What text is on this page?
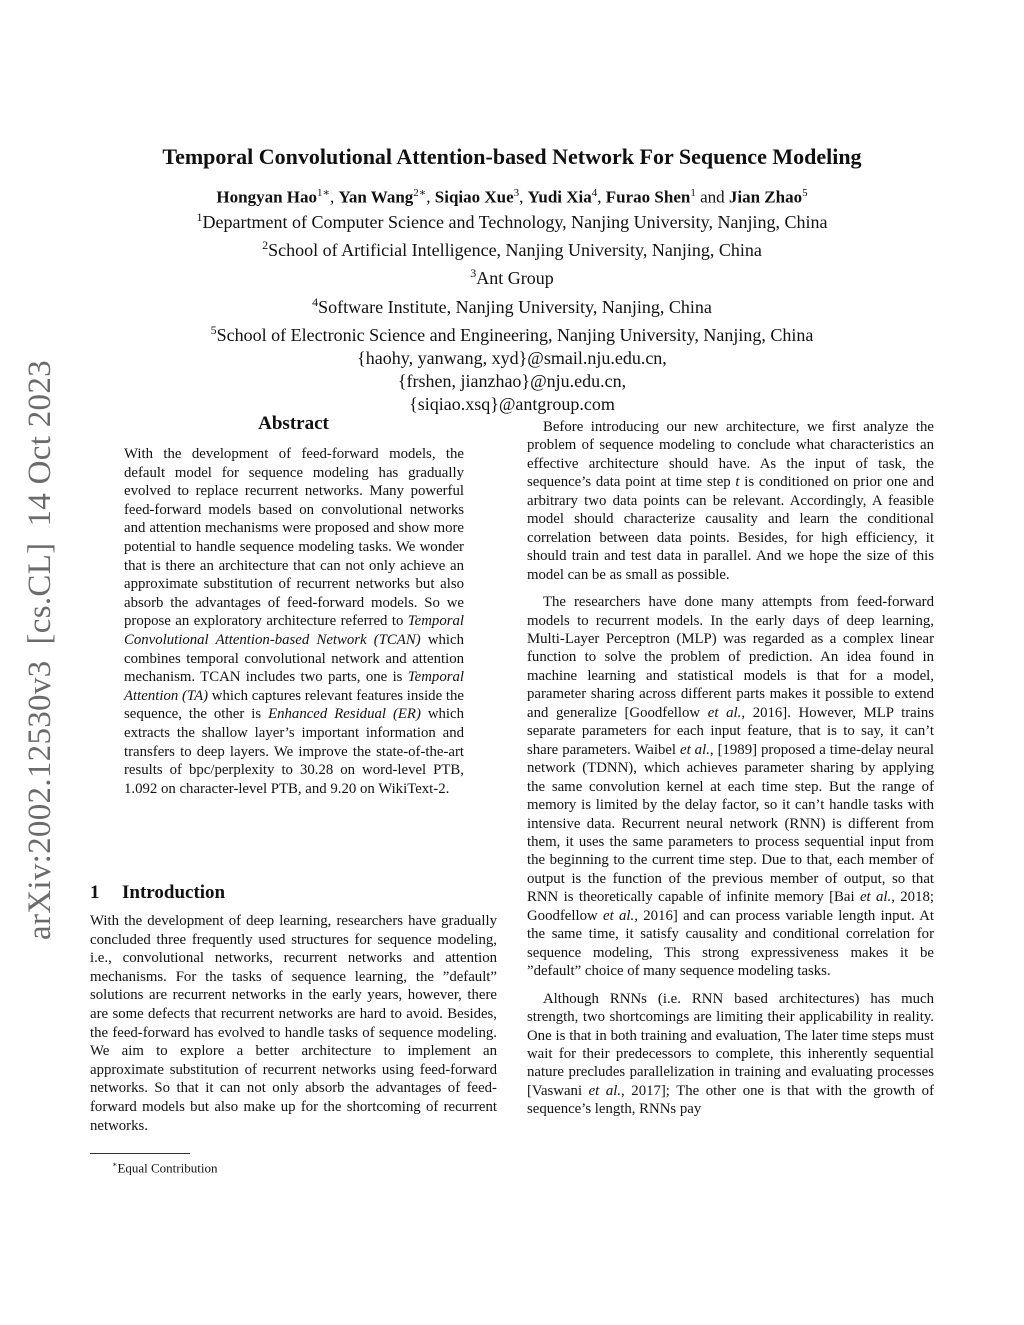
arXiv:2002.12530v3
[cs.CL]
14 Oct 2023
Temporal Convolutional Attention-based Network For Sequence Modeling
Hongyan Hao$^{1∗}$, Yan Wang$^{2∗}$, Siqiao Xue$^3$, Yudi Xia$^4$, Furao Shen$^1$ and Jian Zhao$^5$
$^1$Department of Computer Science and Technology, Nanjing University, Nanjing, China
$^2$School of Artificial Intelligence, Nanjing University, Nanjing, China
$^3$Ant Group
$^4$Software Institute, Nanjing University, Nanjing, China
$^5$School of Electronic Science and Engineering, Nanjing University, Nanjing, China
{haohy, yanwang, xyd}@smail.nju.edu.cn,
{frshen, jianzhao}@nju.edu.cn,
{siqiao.xsq}@antgroup.com
Abstract
With the development of feed-forward models, the default model for sequence modeling has gradually evolved to replace recurrent networks. Many powerful feed-forward models based on convolutional networks and attention mechanisms were proposed and show more potential to handle sequence modeling tasks. We wonder that is there an architecture that can not only achieve an approximate substitution of recurrent networks but also absorb the advantages of feed-forward models. So we propose an exploratory architecture referred to Temporal Convolutional Attention-based Network (TCAN) which combines temporal convolutional network and attention mechanism. TCAN includes two parts, one is Temporal Attention (TA) which captures relevant features inside the sequence, the other is Enhanced Residual (ER) which extracts the shallow layer’s important information and transfers to deep layers. We improve the state-of-the-art results of bpc/perplexity to 30.28 on word-level PTB, 1.092 on character-level PTB, and 9.20 on WikiText-2.
1 Introduction

With the development of deep learning, researchers have gradually concluded three frequently used structures for sequence modeling, i.e., convolutional networks, recurrent networks and attention mechanisms. For the tasks of sequence learning, the ”default” solutions are recurrent networks in the early years, however, there are some defects that recurrent networks are hard to avoid. Besides, the feed-forward has evolved to handle tasks of sequence modeling. We aim to explore a better architecture to implement an approximate substitution of recurrent networks using feed-forward networks. So that it can not only absorb the advantages of feed-forward models but also make up for the shortcoming of recurrent networks.

∗Equal Contribution

Before introducing our new architecture, we first analyze the problem of sequence modeling to conclude what characteristics an effective architecture should have. As the input of task, the sequence’s data point at time step t is conditioned on prior one and arbitrary two data points can be relevant. Accordingly, A feasible model should characterize causality and learn the conditional correlation between data points. Besides, for high efficiency, it should train and test data in parallel. And we hope the size of this model can be as small as possible.

The researchers have done many attempts from feed-forward models to recurrent models. In the early days of deep learning, Multi-Layer Perceptron (MLP) was regarded as a complex linear function to solve the problem of prediction. An idea found in machine learning and statistical models is that for a model, parameter sharing across different parts makes it possible to extend and generalize [Goodfellow et al., 2016]. However, MLP trains separate parameters for each input feature, that is to say, it can’t share parameters. Waibel et al., [1989] proposed a time-delay neural network (TDNN), which achieves parameter sharing by applying the same convolution kernel at each time step. But the range of memory is limited by the delay factor, so it can’t handle tasks with intensive data. Recurrent neural network (RNN) is different from them, it uses the same parameters to process sequential input from the beginning to the current time step. Due to that, each member of output is the function of the previous member of output, so that RNN is theoretically capable of infinite memory [Bai et al., 2018; Goodfellow et al., 2016] and can process variable length input. At the same time, it satisfy causality and conditional correlation for sequence modeling, This strong expressiveness makes it be ”default” choice of many sequence modeling tasks.

Although RNNs (i.e. RNN based architectures) has much strength, two shortcomings are limiting their applicability in reality. One is that in both training and evaluation, The later time steps must wait for their predecessors to complete, this inherently sequential nature precludes parallelization in training and evaluating processes [Vaswani et al., 2017]; The other one is that with the growth of sequence’s length, RNNs pay
